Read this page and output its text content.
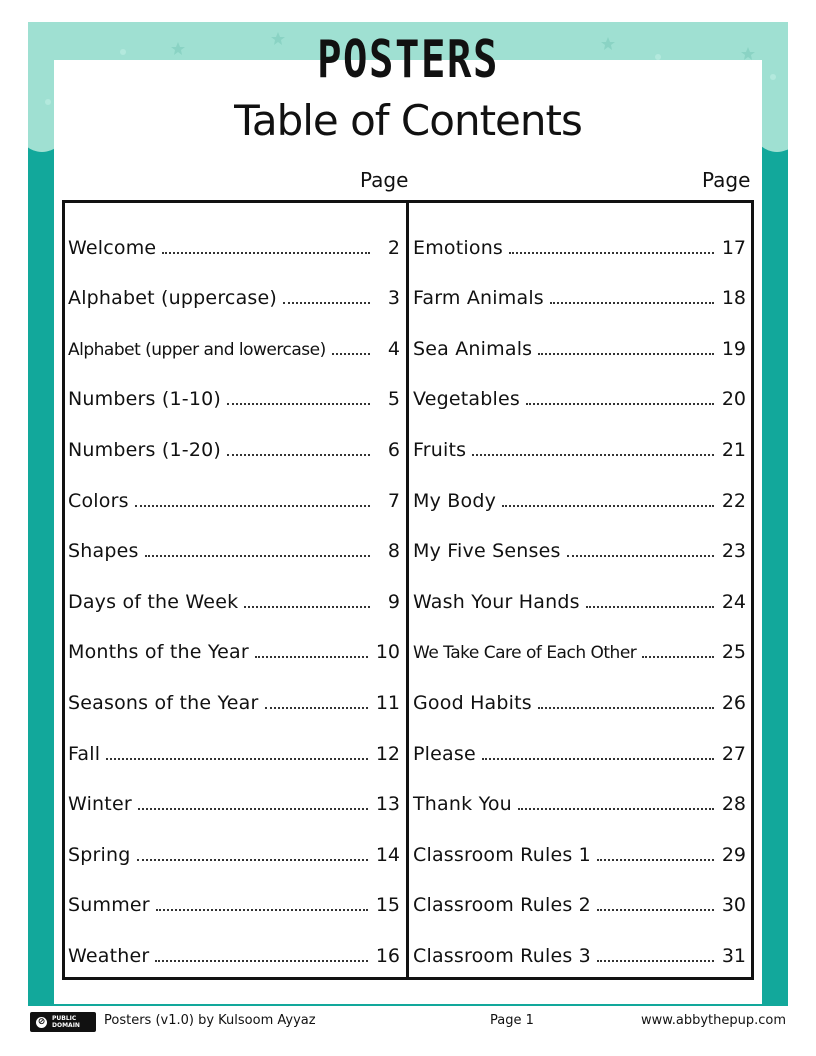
POSTERS
Table of Contents
Page	Page
Welcome	2
Alphabet (uppercase)	3
Alphabet (upper and lowercase)	4
Numbers (1-10)	5
Numbers (1-20)	6
Colors	7
Shapes	8
Days of the Week	9
Months of the Year	10
Seasons of the Year	11
Fall	12
Winter	13
Spring	14
Summer	15
Weather	16
Emotions	17
Farm Animals	18
Sea Animals	19
Vegetables	20
Fruits	21
My Body	22
My Five Senses	23
Wash Your Hands	24
We Take Care of Each Other	25
Good Habits	26
Please	27
Thank You	28
Classroom Rules 1	29
Classroom Rules 2	30
Classroom Rules 3	31
⊘	PUBLIC DOMAIN	Posters (v1.0) by Kulsoom Ayyaz	Page 1	www.abbythepup.com
